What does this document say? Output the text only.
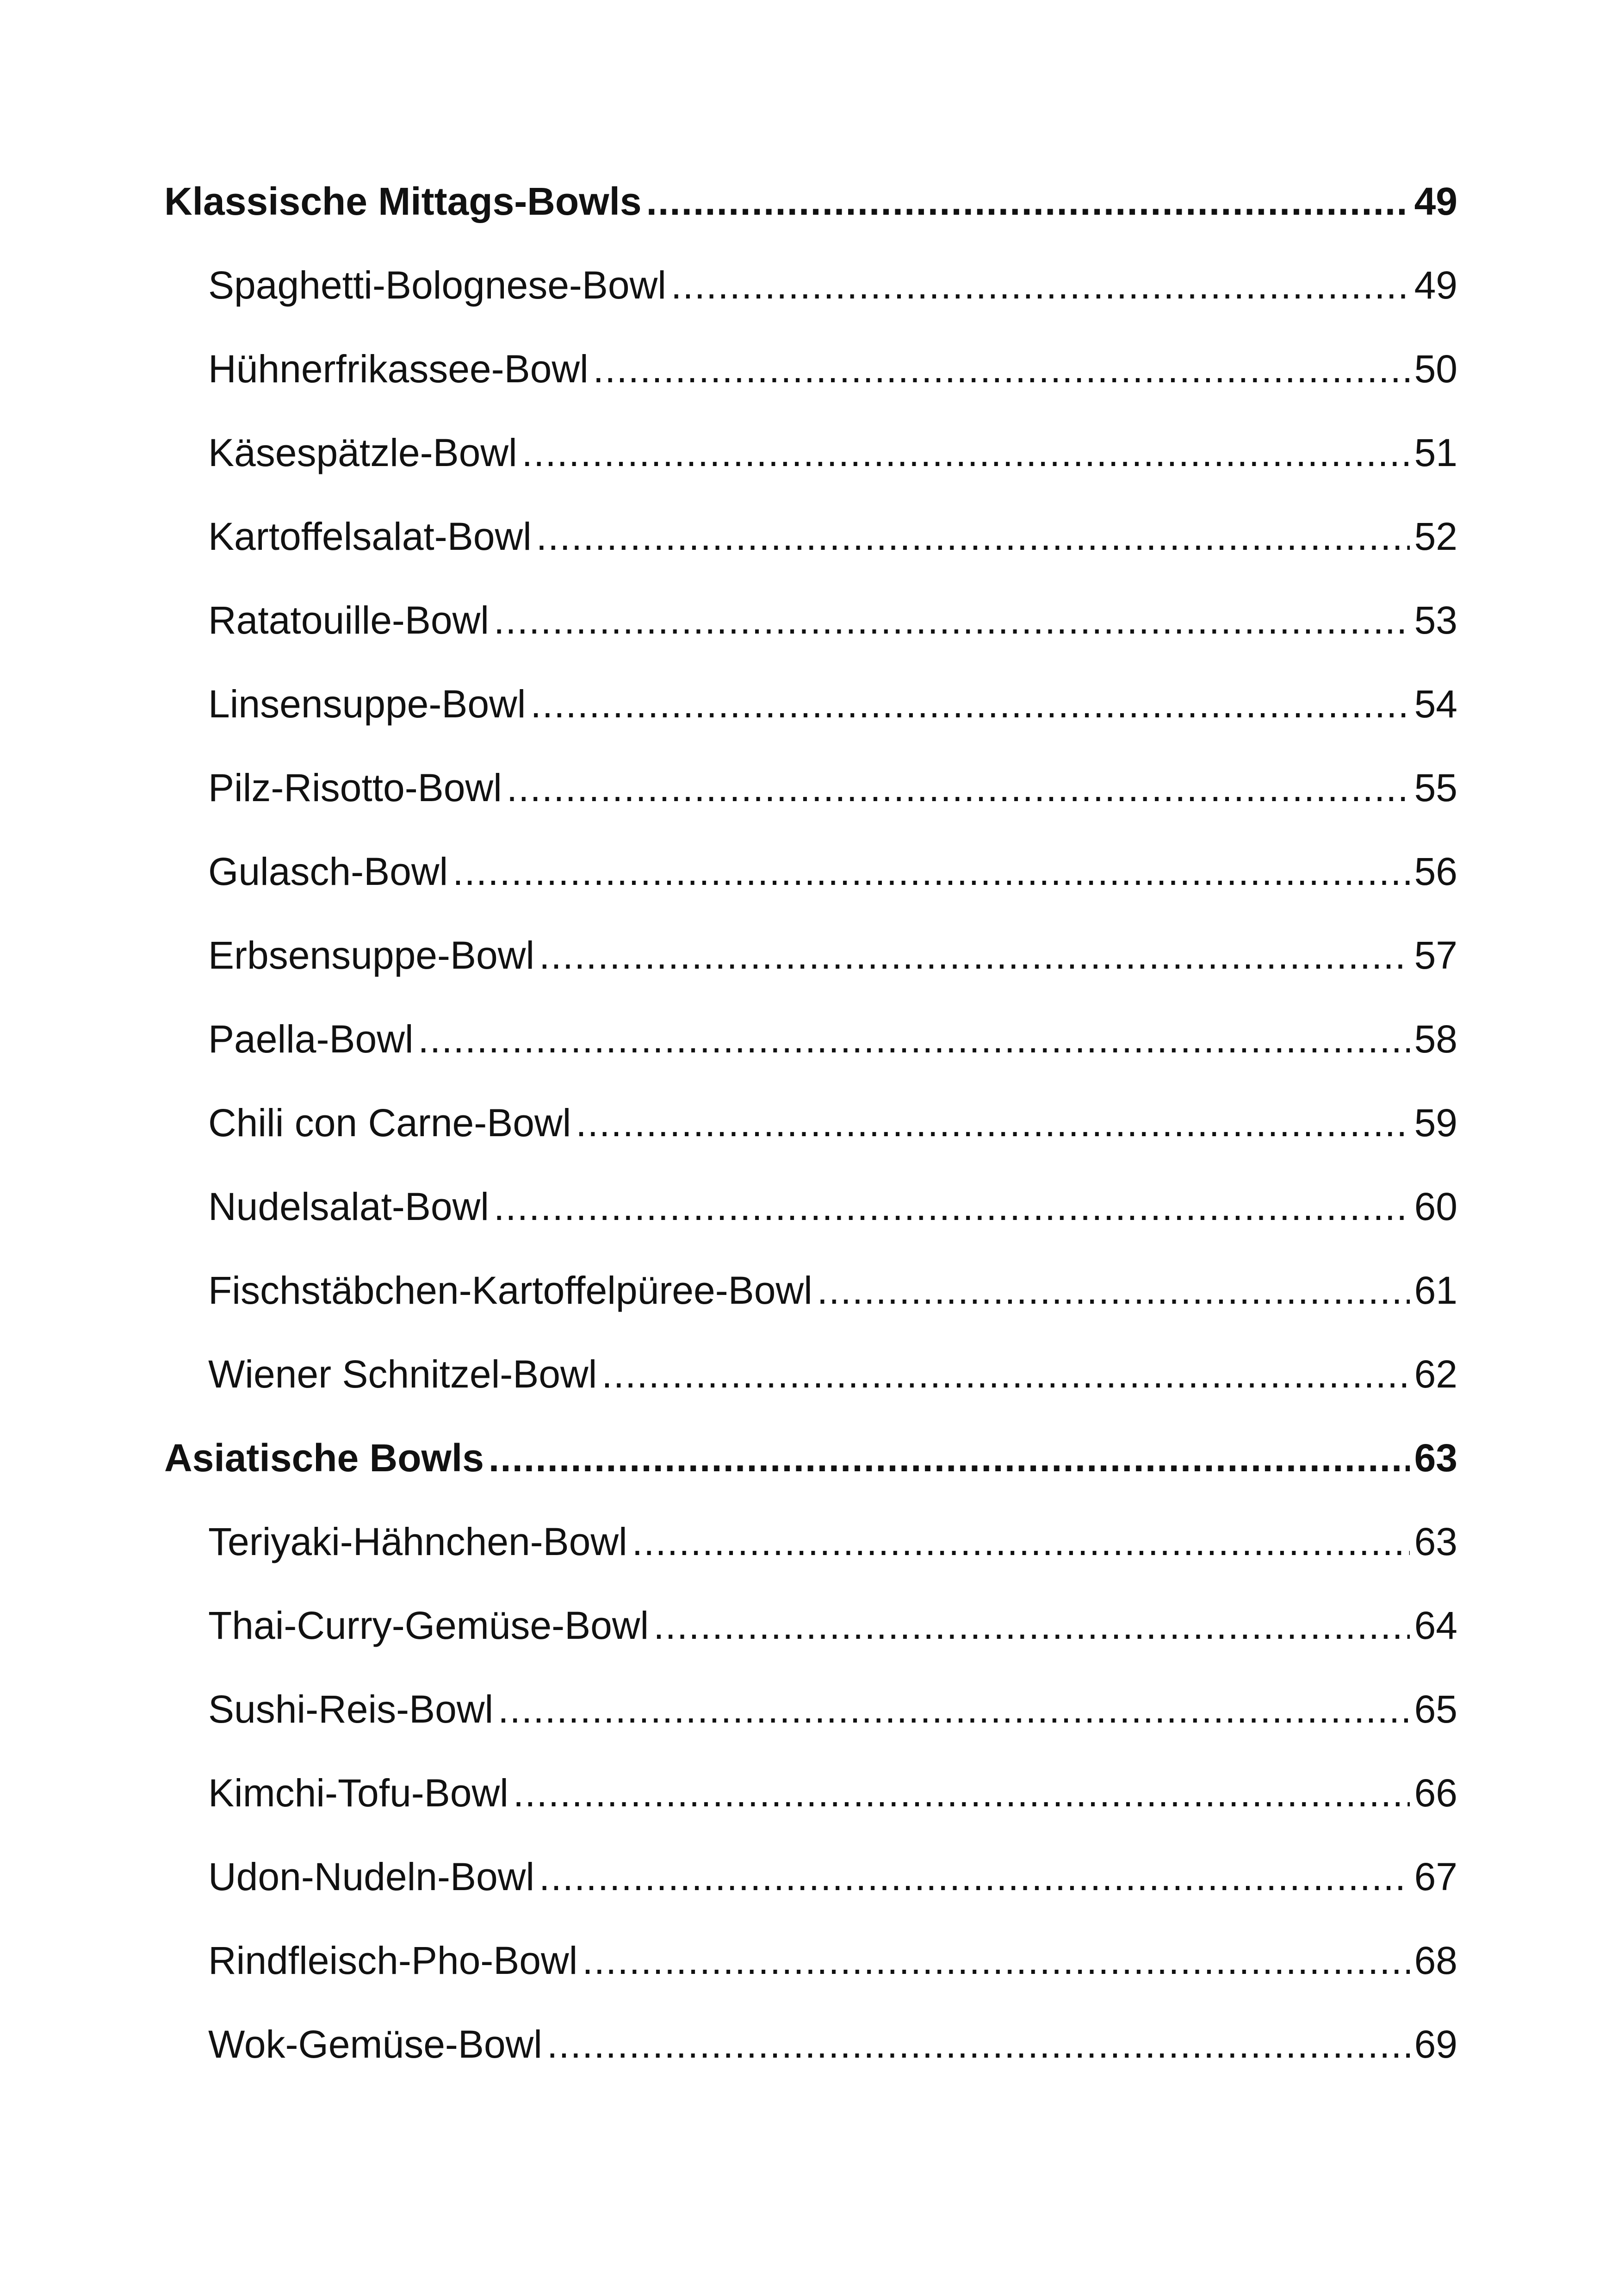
Klassische Mittags-Bowls .....	49
Spaghetti-Bolognese-Bowl .....	49
Hühnerfrikassee-Bowl .....	50
Käsespätzle-Bowl .....	51
Kartoffelsalat-Bowl .....	52
Ratatouille-Bowl .....	53
Linsensuppe-Bowl .....	54
Pilz-Risotto-Bowl .....	55
Gulasch-Bowl .....	56
Erbsensuppe-Bowl .....	57
Paella-Bowl .....	58
Chili con Carne-Bowl .....	59
Nudelsalat-Bowl .....	60
Fischstäbchen-Kartoffelpüree-Bowl .....	61
Wiener Schnitzel-Bowl .....	62
Asiatische Bowls .....	63
Teriyaki-Hähnchen-Bowl .....	63
Thai-Curry-Gemüse-Bowl .....	64
Sushi-Reis-Bowl .....	65
Kimchi-Tofu-Bowl .....	66
Udon-Nudeln-Bowl .....	67
Rindfleisch-Pho-Bowl .....	68
Wok-Gemüse-Bowl .....	69
